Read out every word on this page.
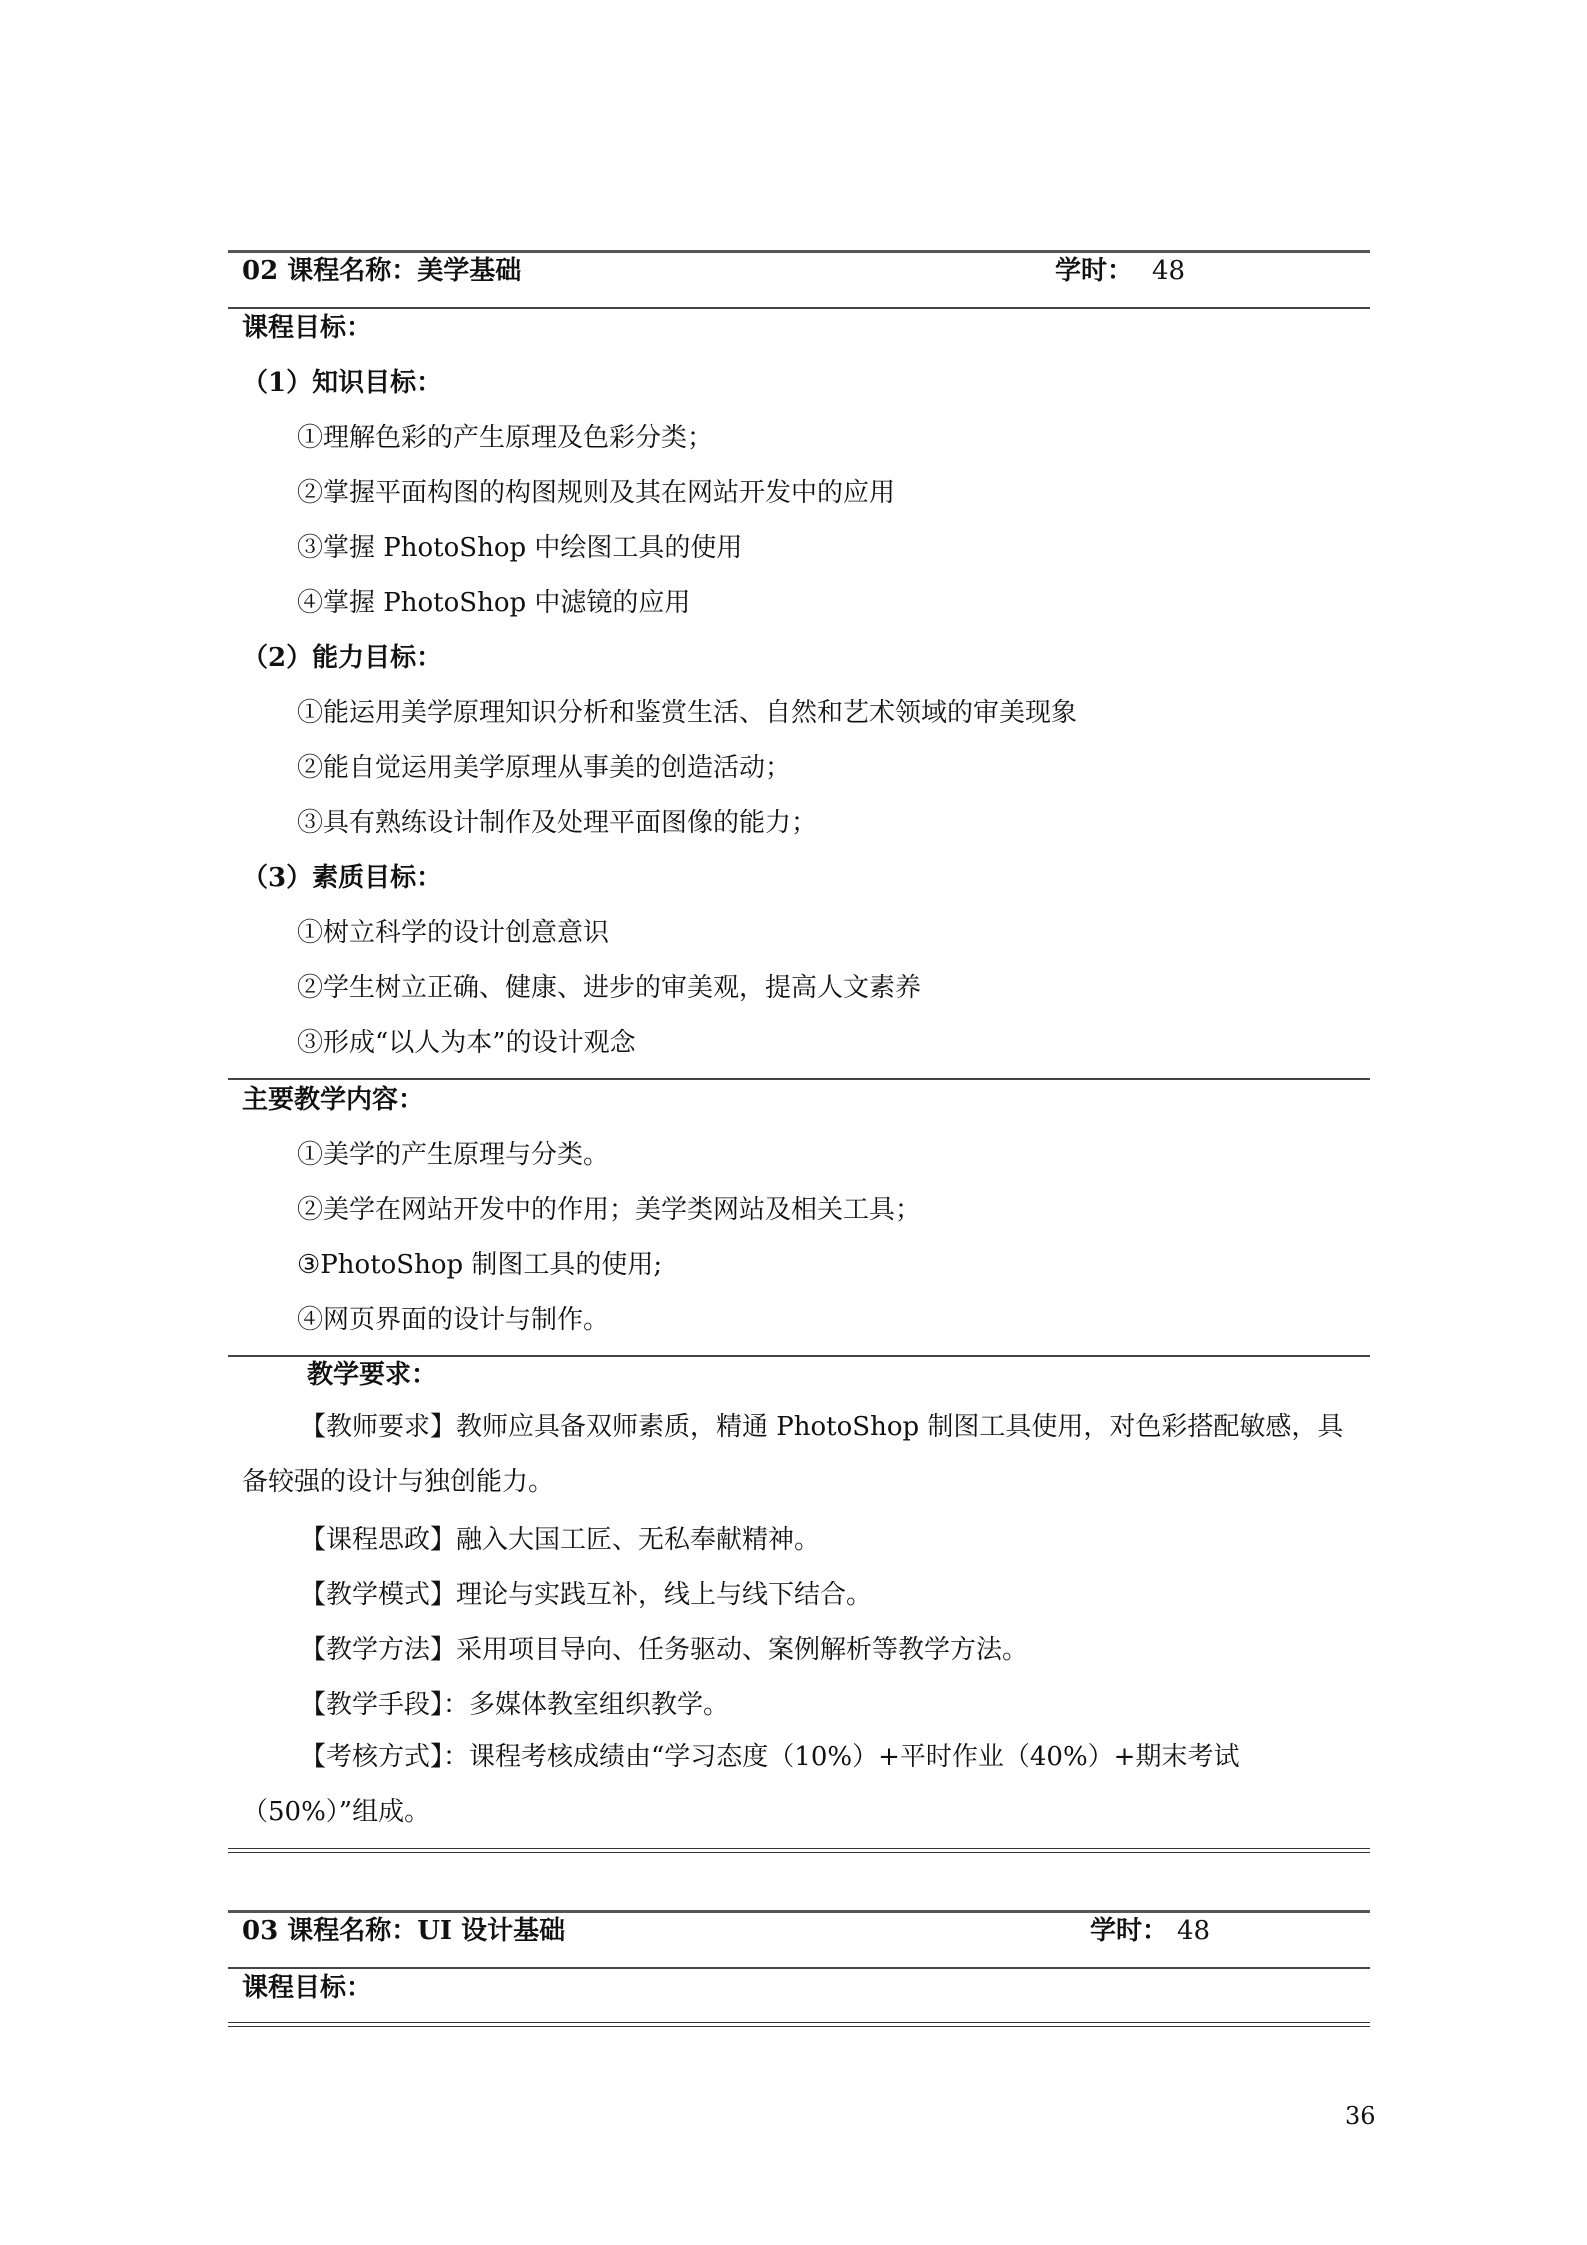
02 课程名称：美学基础	学时： 48
课程目标：
（1）知识目标：
①理解色彩的产生原理及色彩分类；
②掌握平面构图的构图规则及其在网站开发中的应用
③掌握 PhotoShop 中绘图工具的使用
④掌握 PhotoShop 中滤镜的应用
（2）能力目标：
①能运用美学原理知识分析和鉴赏生活、自然和艺术领域的审美现象
②能自觉运用美学原理从事美的创造活动；
③具有熟练设计制作及处理平面图像的能力；
（3）素质目标：
①树立科学的设计创意意识
②学生树立正确、健康、进步的审美观，提高人文素养
③形成“以人为本”的设计观念
主要教学内容：
①美学的产生原理与分类。
②美学在网站开发中的作用；美学类网站及相关工具；
③PhotoShop 制图工具的使用;
④网页界面的设计与制作。
教学要求：
【教师要求】教师应具备双师素质，精通 PhotoShop 制图工具使用，对色彩搭配敏感，具备较强的设计与独创能力。
【课程思政】融入大国工匠、无私奉献精神。
【教学模式】理论与实践互补，线上与线下结合。
【教学方法】采用项目导向、任务驱动、案例解析等教学方法。
【教学手段】：多媒体教室组织教学。
【考核方式】：课程考核成绩由“学习态度（10%）+平时作业（40%）+期末考试（50%）”组成。
03 课程名称：UI 设计基础	学时： 48
课程目标：
36
